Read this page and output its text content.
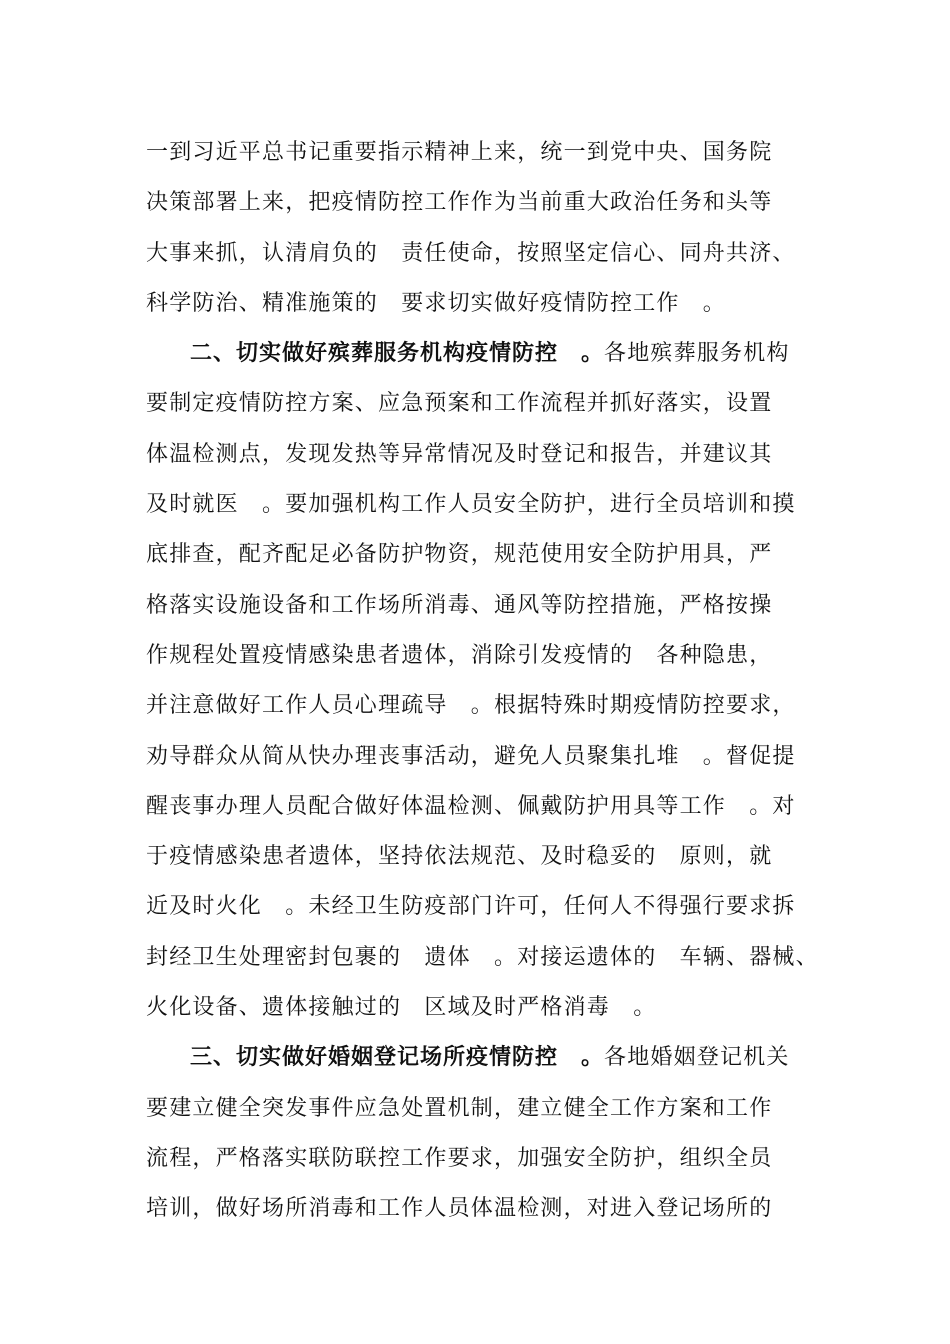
一到习近平总书记重要指示精神上来，统一到党中央、国务院
决策部署上来，把疫情防控工作作为当前重大政治任务和头等
大事来抓，认清肩负的　责任使命，按照坚定信心、同舟共济、
科学防治、精准施策的　要求切实做好疫情防控工作　。
二、切实做好殡葬服务机构疫情防控　。各地殡葬服务机构
要制定疫情防控方案、应急预案和工作流程并抓好落实，设置
体温检测点，发现发热等异常情况及时登记和报告，并建议其
及时就医　。要加强机构工作人员安全防护，进行全员培训和摸
底排查，配齐配足必备防护物资，规范使用安全防护用具，严
格落实设施设备和工作场所消毒、通风等防控措施，严格按操
作规程处置疫情感染患者遗体，消除引发疫情的　各种隐患，
并注意做好工作人员心理疏导　。根据特殊时期疫情防控要求，
劝导群众从简从快办理丧事活动，避免人员聚集扎堆　。督促提
醒丧事办理人员配合做好体温检测、佩戴防护用具等工作　。对
于疫情感染患者遗体，坚持依法规范、及时稳妥的　原则，就
近及时火化　。未经卫生防疫部门许可，任何人不得强行要求拆
封经卫生处理密封包裹的　遗体　。对接运遗体的　车辆、器械、
火化设备、遗体接触过的　区域及时严格消毒　。
三、切实做好婚姻登记场所疫情防控　。各地婚姻登记机关
要建立健全突发事件应急处置机制，建立健全工作方案和工作
流程，严格落实联防联控工作要求，加强安全防护，组织全员
培训，做好场所消毒和工作人员体温检测，对进入登记场所的
